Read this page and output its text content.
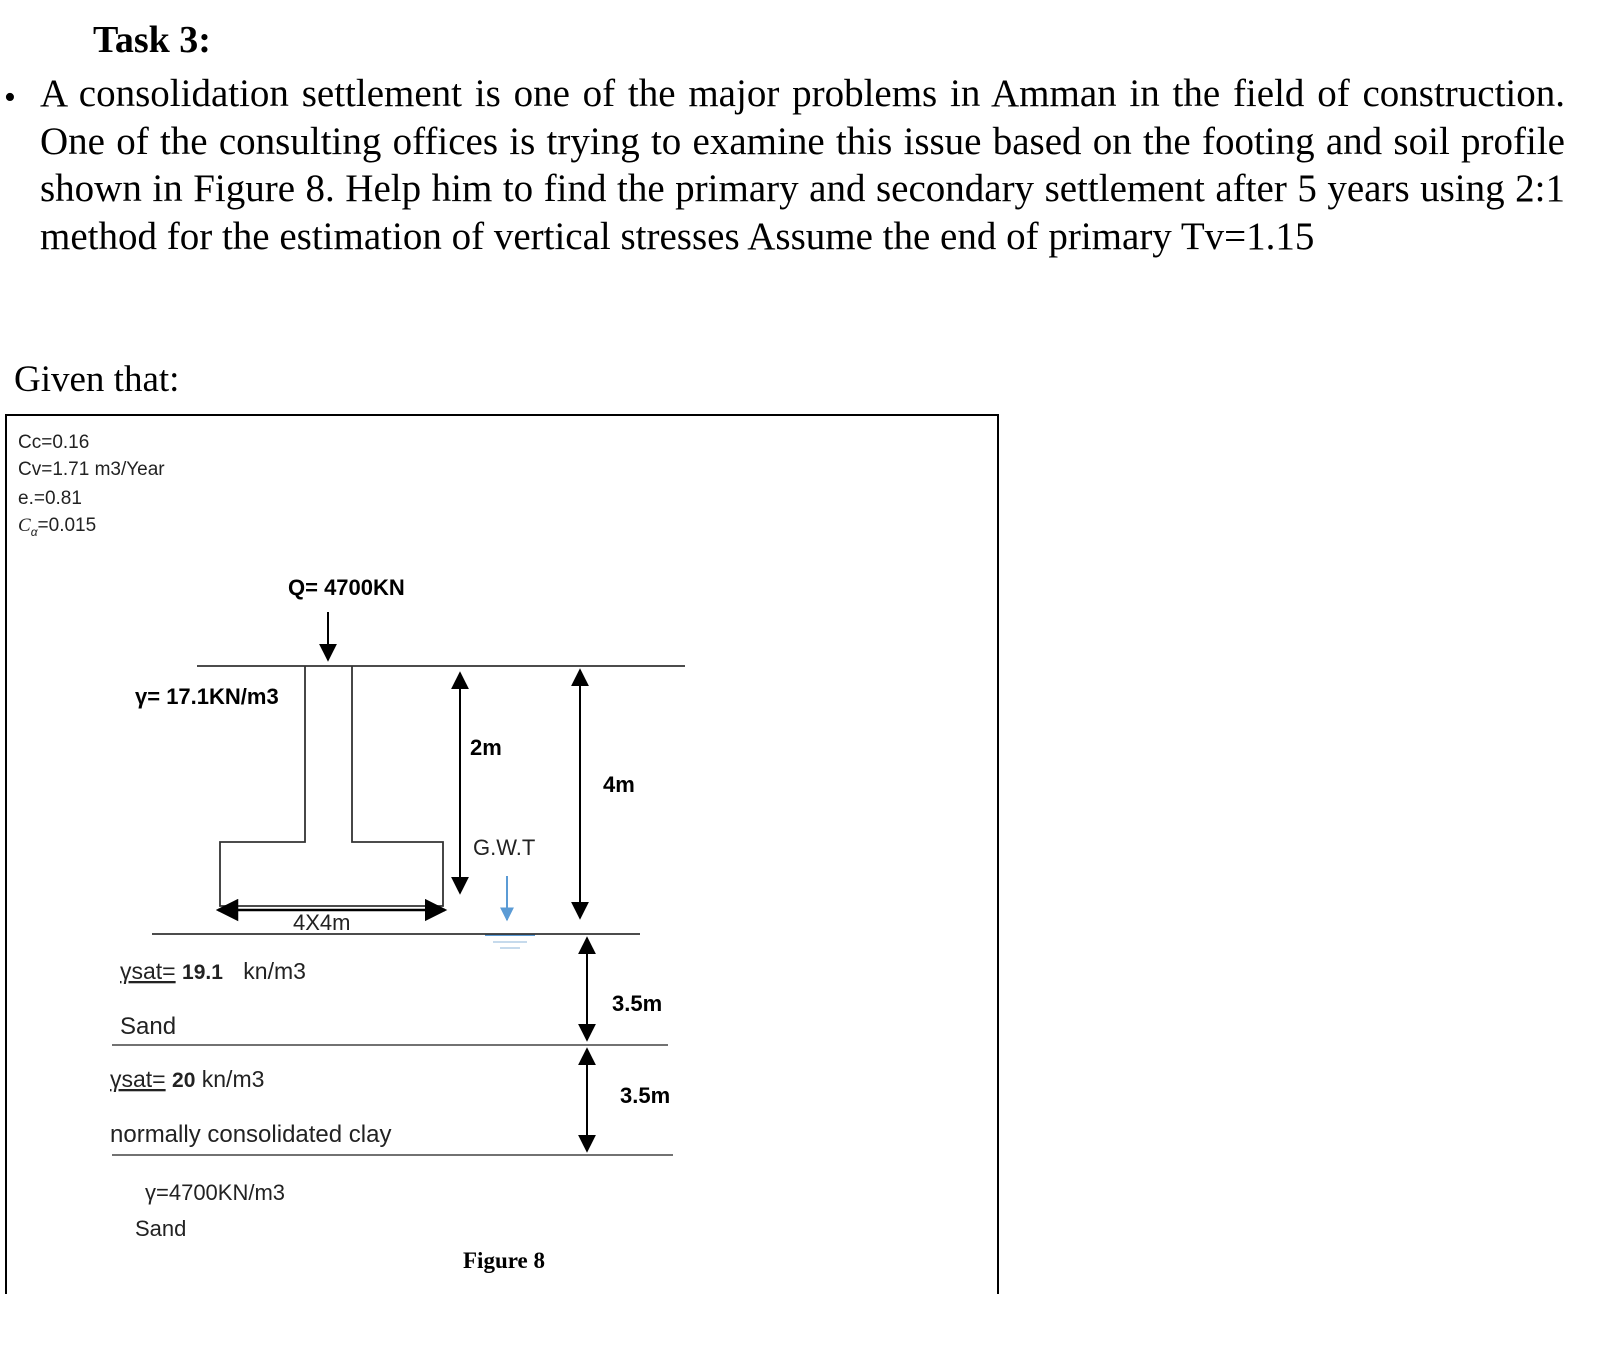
Task 3:
• A consolidation settlement is one of the major problems in Amman in the field of construction. One of the consulting offices is trying to examine this issue based on the footing and soil profile shown in Figure 8. Help him to find the primary and secondary settlement after 5 years using 2:1 method for the estimation of vertical stresses Assume the end of primary Tv=1.15

Given that:
Cc=0.16
Cv=1.71 m3/Year
e.=0.81
$C_\alpha=0.015$
Q= 4700KN
γ= 17.1KN/m3
4X4m
2m
4m
G.W.T
γsat= 19.1 kn/m3
Sand
3.5m
γsat= 20 kn/m3
normally consolidated clay
3.5m
γ=4700KN/m3
Sand
Figure 8
